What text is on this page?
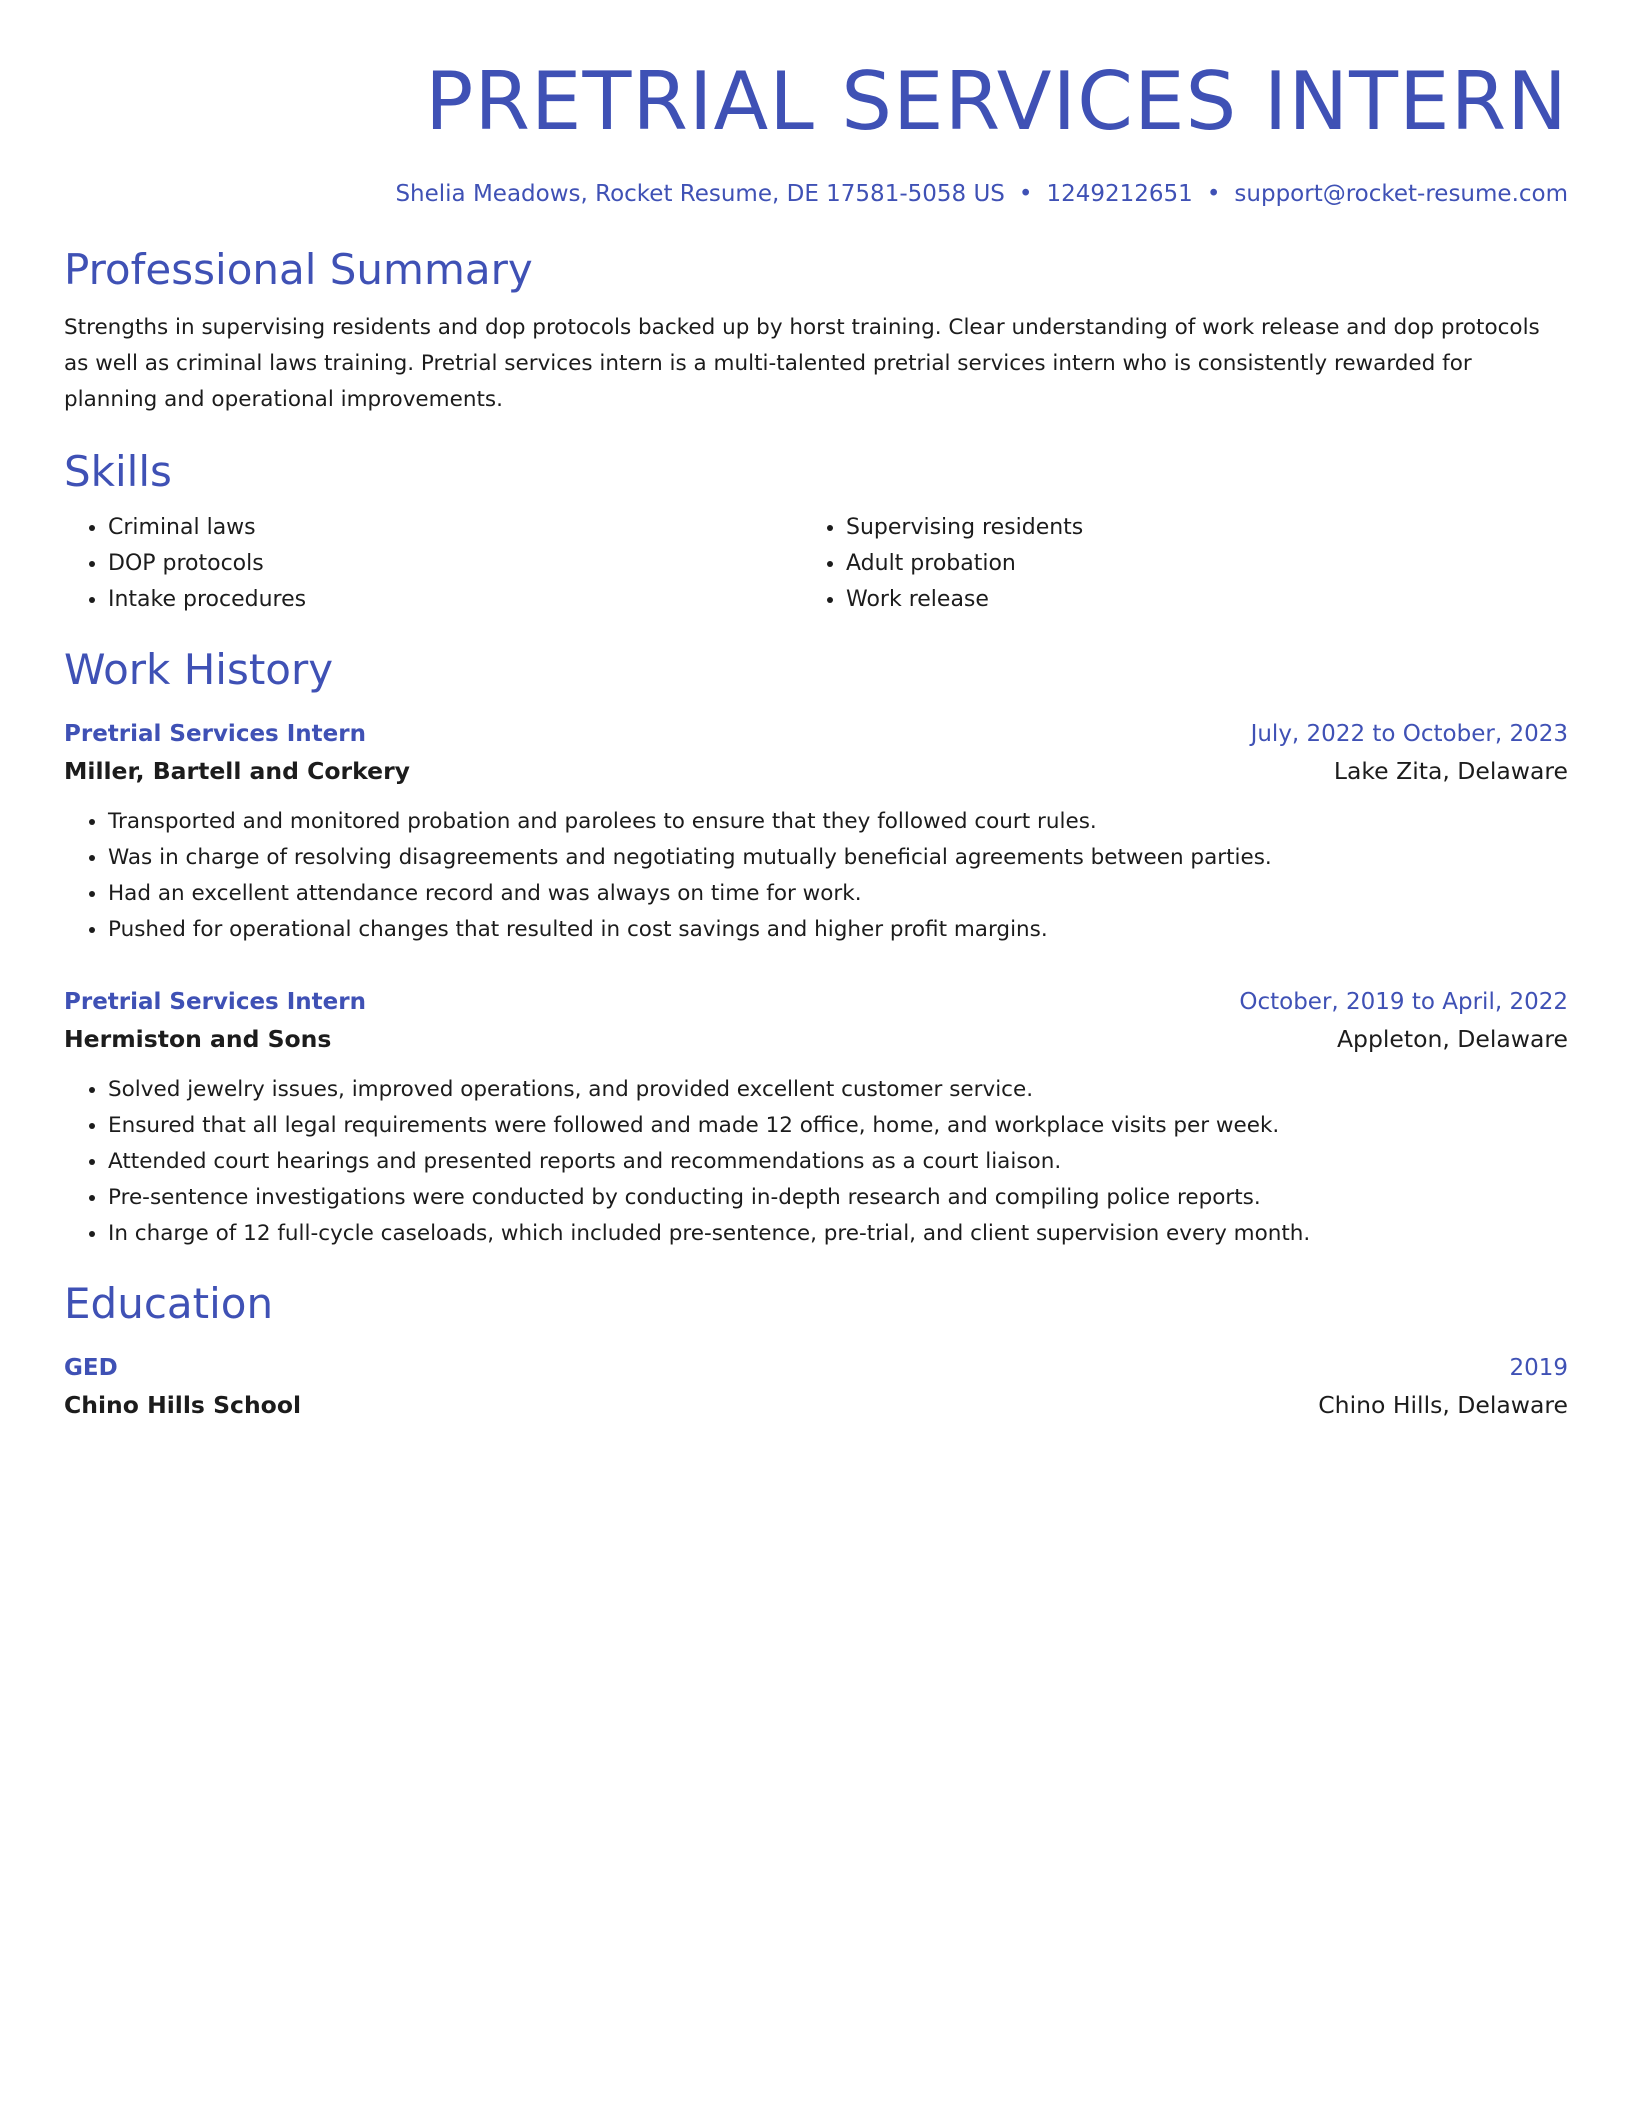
PRETRIAL SERVICES INTERN
Shelia Meadows, Rocket Resume, DE 17581-5058 US • 1249212651 • support@rocket-resume.com
Professional Summary

Strengths in supervising residents and dop protocols backed up by horst training. Clear understanding of work release and dop protocols as well as criminal laws training. Pretrial services intern is a multi-talented pretrial services intern who is consistently rewarded for planning and operational improvements.

Skills
• Criminal laws
• DOP protocols
• Intake procedures
• Supervising residents
• Adult probation
• Work release
Work History
Pretrial Services Intern	July, 2022 to October, 2023
Miller, Bartell and Corkery	Lake Zita, Delaware
• Transported and monitored probation and parolees to ensure that they followed court rules.
• Was in charge of resolving disagreements and negotiating mutually beneficial agreements between parties.
• Had an excellent attendance record and was always on time for work.
• Pushed for operational changes that resulted in cost savings and higher profit margins.
Pretrial Services Intern	October, 2019 to April, 2022
Hermiston and Sons	Appleton, Delaware
• Solved jewelry issues, improved operations, and provided excellent customer service.
• Ensured that all legal requirements were followed and made 12 office, home, and workplace visits per week.
• Attended court hearings and presented reports and recommendations as a court liaison.
• Pre-sentence investigations were conducted by conducting in-depth research and compiling police reports.
• In charge of 12 full-cycle caseloads, which included pre-sentence, pre-trial, and client supervision every month.
Education
GED	2019
Chino Hills School	Chino Hills, Delaware
